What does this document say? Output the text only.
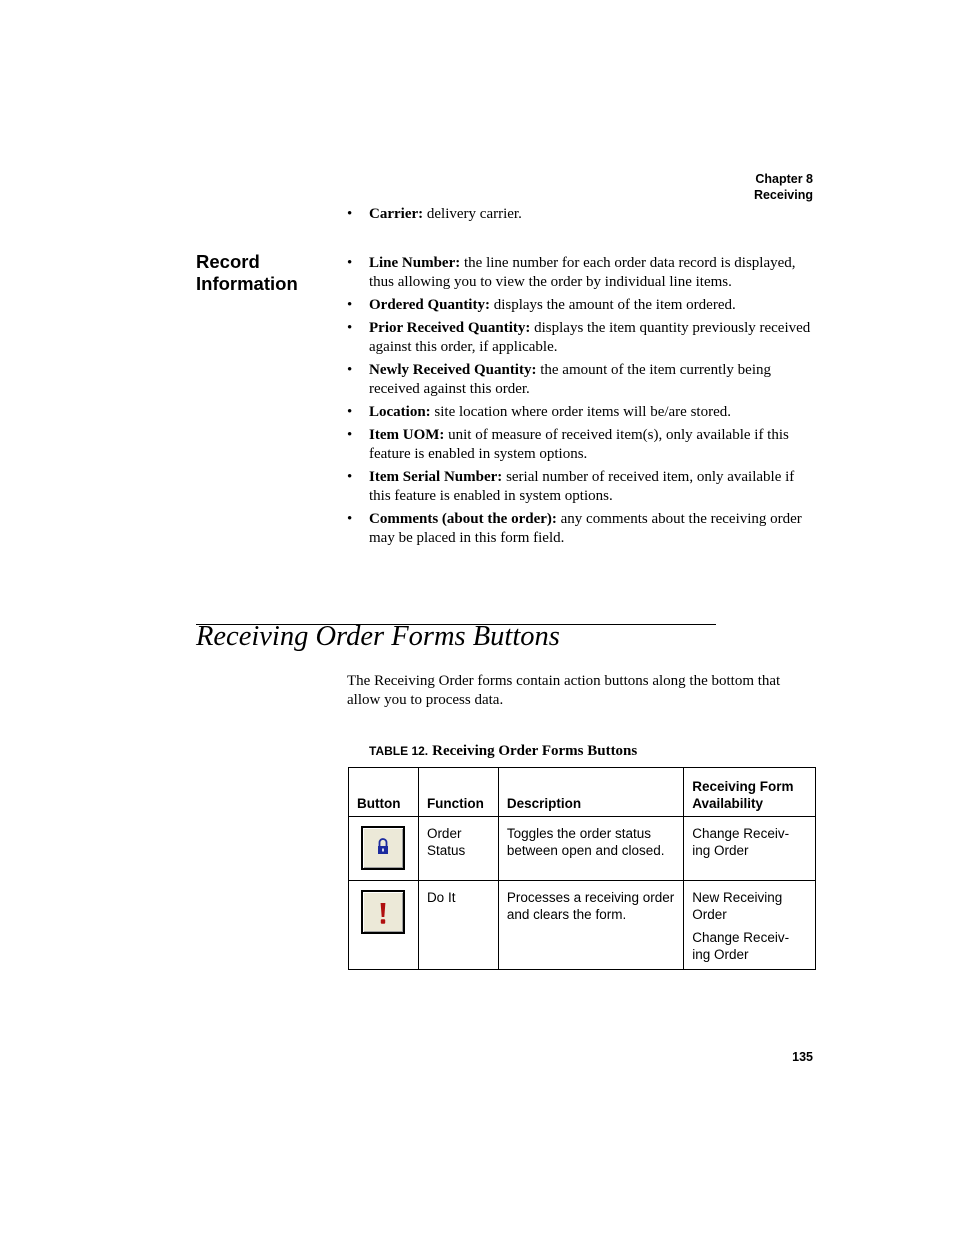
Chapter 8
Receiving
• Carrier: delivery carrier.
Record
Information
• Line Number: the line number for each order data record is displayed, thus allowing you to view the order by individual line items.
• Ordered Quantity: displays the amount of the item ordered.
• Prior Received Quantity: displays the item quantity previously received against this order, if applicable.
• Newly Received Quantity: the amount of the item currently being received against this order.
• Location: site location where order items will be/are stored.
• Item UOM: unit of measure of received item(s), only available if this feature is enabled in system options.
• Item Serial Number: serial number of received item, only available if this feature is enabled in system options.
• Comments (about the order): any comments about the receiving order may be placed in this form field.
Receiving Order Forms Buttons

The Receiving Order forms contain action buttons along the bottom that allow you to process data.

TABLE 12. Receiving Order Forms Buttons
Button	Function	Description	Receiving Form Availability

	Order Status	Toggles the order status between open and closed.	Change Receiv-ing Order

	Do It	Processes a receiving order and clears the form.	New Receiving Order
Change Receiv-ing Order
135
